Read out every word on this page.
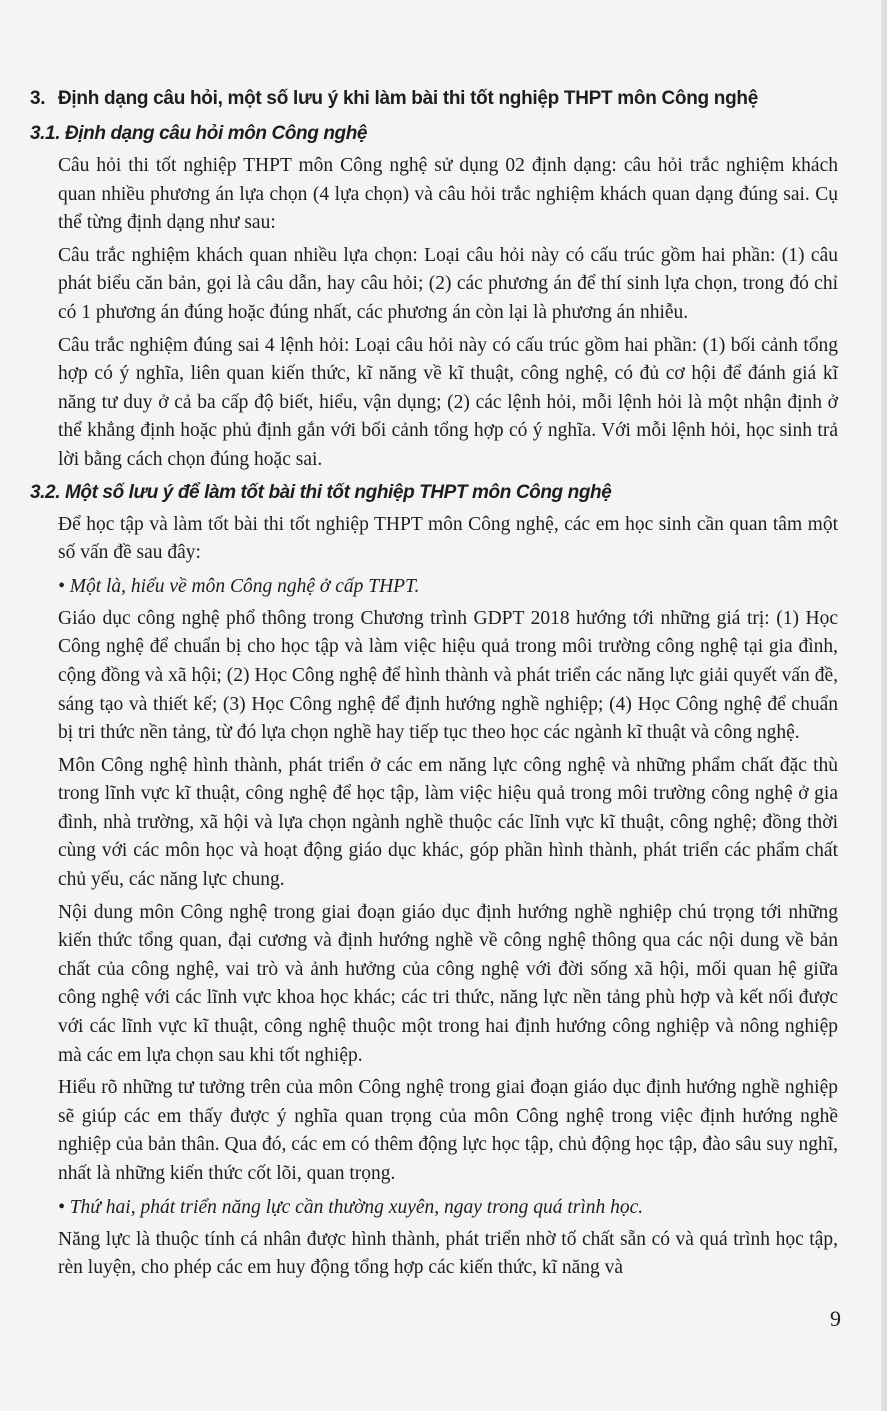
3. Định dạng câu hỏi, một số lưu ý khi làm bài thi tốt nghiệp THPT môn Công nghệ
3.1. Định dạng câu hỏi môn Công nghệ

Câu hỏi thi tốt nghiệp THPT môn Công nghệ sử dụng 02 định dạng: câu hỏi trắc nghiệm khách quan nhiều phương án lựa chọn (4 lựa chọn) và câu hỏi trắc nghiệm khách quan dạng đúng sai. Cụ thể từng định dạng như sau:

Câu trắc nghiệm khách quan nhiều lựa chọn: Loại câu hỏi này có cấu trúc gồm hai phần: (1) câu phát biểu căn bản, gọi là câu dẫn, hay câu hỏi; (2) các phương án để thí sinh lựa chọn, trong đó chỉ có 1 phương án đúng hoặc đúng nhất, các phương án còn lại là phương án nhiễu.

Câu trắc nghiệm đúng sai 4 lệnh hỏi: Loại câu hỏi này có cấu trúc gồm hai phần: (1) bối cảnh tổng hợp có ý nghĩa, liên quan kiến thức, kĩ năng về kĩ thuật, công nghệ, có đủ cơ hội để đánh giá kĩ năng tư duy ở cả ba cấp độ biết, hiểu, vận dụng; (2) các lệnh hỏi, mỗi lệnh hỏi là một nhận định ở thể khẳng định hoặc phủ định gắn với bối cảnh tổng hợp có ý nghĩa. Với mỗi lệnh hỏi, học sinh trả lời bằng cách chọn đúng hoặc sai.

3.2. Một số lưu ý để làm tốt bài thi tốt nghiệp THPT môn Công nghệ

Để học tập và làm tốt bài thi tốt nghiệp THPT môn Công nghệ, các em học sinh cần quan tâm một số vấn đề sau đây:

• Một là, hiểu về môn Công nghệ ở cấp THPT.

Giáo dục công nghệ phổ thông trong Chương trình GDPT 2018 hướng tới những giá trị: (1) Học Công nghệ để chuẩn bị cho học tập và làm việc hiệu quả trong môi trường công nghệ tại gia đình, cộng đồng và xã hội; (2) Học Công nghệ để hình thành và phát triển các năng lực giải quyết vấn đề, sáng tạo và thiết kế; (3) Học Công nghệ để định hướng nghề nghiệp; (4) Học Công nghệ để chuẩn bị tri thức nền tảng, từ đó lựa chọn nghề hay tiếp tục theo học các ngành kĩ thuật và công nghệ.

Môn Công nghệ hình thành, phát triển ở các em năng lực công nghệ và những phẩm chất đặc thù trong lĩnh vực kĩ thuật, công nghệ để học tập, làm việc hiệu quả trong môi trường công nghệ ở gia đình, nhà trường, xã hội và lựa chọn ngành nghề thuộc các lĩnh vực kĩ thuật, công nghệ; đồng thời cùng với các môn học và hoạt động giáo dục khác, góp phần hình thành, phát triển các phẩm chất chủ yếu, các năng lực chung.

Nội dung môn Công nghệ trong giai đoạn giáo dục định hướng nghề nghiệp chú trọng tới những kiến thức tổng quan, đại cương và định hướng nghề về công nghệ thông qua các nội dung về bản chất của công nghệ, vai trò và ảnh hưởng của công nghệ với đời sống xã hội, mối quan hệ giữa công nghệ với các lĩnh vực khoa học khác; các tri thức, năng lực nền tảng phù hợp và kết nối được với các lĩnh vực kĩ thuật, công nghệ thuộc một trong hai định hướng công nghiệp và nông nghiệp mà các em lựa chọn sau khi tốt nghiệp.

Hiểu rõ những tư tưởng trên của môn Công nghệ trong giai đoạn giáo dục định hướng nghề nghiệp sẽ giúp các em thấy được ý nghĩa quan trọng của môn Công nghệ trong việc định hướng nghề nghiệp của bản thân. Qua đó, các em có thêm động lực học tập, chủ động học tập, đào sâu suy nghĩ, nhất là những kiến thức cốt lõi, quan trọng.

• Thứ hai, phát triển năng lực cần thường xuyên, ngay trong quá trình học.

Năng lực là thuộc tính cá nhân được hình thành, phát triển nhờ tố chất sẵn có và quá trình học tập, rèn luyện, cho phép các em huy động tổng hợp các kiến thức, kĩ năng và

9
